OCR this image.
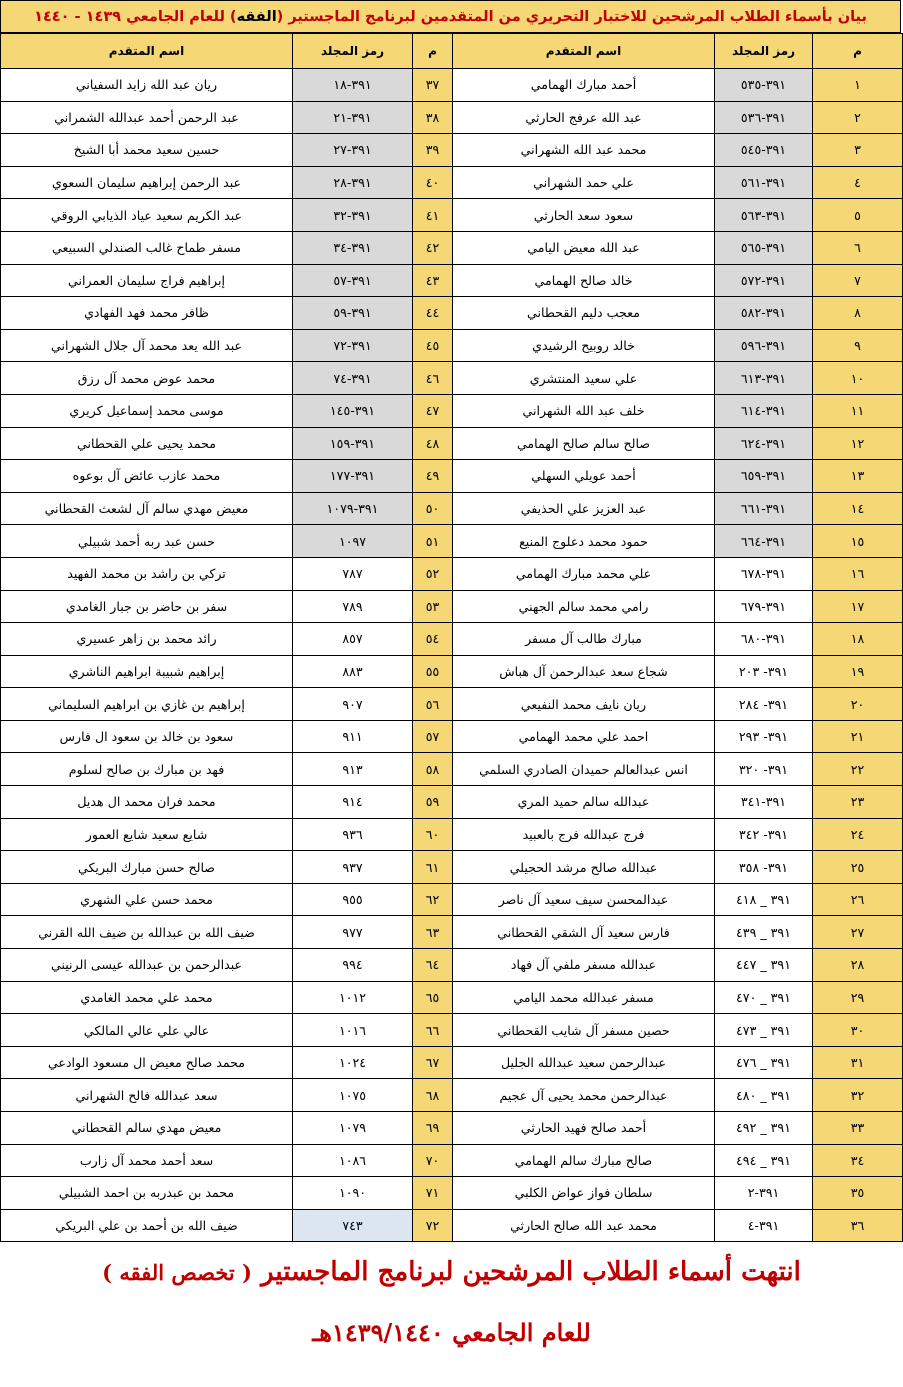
بيان بأسماء الطلاب المرشحين للاختبار التحريري من المتقدمين لبرنامج الماجستير (
الفقه
) للعام الجامعي ١٤٣٩ - ١٤٤٠
م	رمز المجلد	اسم المتقدم
١	٣٩١-٥٣٥	أحمد مبارك الهمامي
٢	٣٩١-٥٣٦	عبد الله عرفج الحارثي
٣	٣٩١-٥٤٥	محمد عبد الله الشهراني
٤	٣٩١-٥٦١	علي حمد الشهراني
٥	٣٩١-٥٦٣	سعود سعد الحارثي
٦	٣٩١-٥٦٥	عبد الله معيض اليامي
٧	٣٩١-٥٧٢	خالد صالح الهمامي
٨	٣٩١-٥٨٢	معجب دليم القحطاني
٩	٣٩١-٥٩٦	خالد روبيح الرشيدي
١٠	٣٩١-٦١٣	علي سعيد المنتشري
١١	٣٩١-٦١٤	خلف عبد الله الشهراني
١٢	٣٩١-٦٢٤	صالح سالم صالح الهمامي
١٣	٣٩١-٦٥٩	أحمد عويلي السهلي
١٤	٣٩١-٦٦١	عبد العزيز علي الحذيفي
١٥	٣٩١-٦٦٤	حمود محمد دعلوج المنيع
١٦	٣٩١-٦٧٨	علي محمد مبارك الهمامي
١٧	٣٩١-٦٧٩	رامي محمد سالم الجهني
١٨	٣٩١-٦٨٠	مبارك طالب آل مسفر
١٩	٣٩١- ٢٠٣	شجاع سعد عبدالرحمن آل هباش
٢٠	٣٩١- ٢٨٤	ريان نايف محمد النفيعي
٢١	٣٩١- ٢٩٣	احمد علي محمد الهمامي
٢٢	٣٩١- ٣٢٠	انس عبدالعالم حميدان الصادري السلمي
٢٣	٣٩١-٣٤١	عبدالله سالم حميد المري
٢٤	٣٩١- ٣٤٢	فرج عبدالله فرج بالعبيد
٢٥	٣٩١- ٣٥٨	عبدالله صالح مرشد الحجيلي
٢٦	٣٩١ _ ٤١٨	عبدالمحسن سيف سعيد آل ناصر
٢٧	٣٩١ _ ٤٣٩	فارس سعيد آل الشقي القحطاني
٢٨	٣٩١ _ ٤٤٧	عبدالله مسفر ملفي آل فهاد
٢٩	٣٩١ _ ٤٧٠	مسفر عبدالله محمد اليامي
٣٠	٣٩١ _ ٤٧٣	حصين مسفر آل شايب القحطاني
٣١	٣٩١ _ ٤٧٦	عبدالرحمن سعيد عبدالله الجليل
٣٢	٣٩١ _ ٤٨٠	عبدالرحمن محمد يحيى آل عجيم
٣٣	٣٩١ _ ٤٩٢	أحمد صالح فهيد الحارثي
٣٤	٣٩١ _ ٤٩٤	صالح مبارك سالم الهمامي
٣٥	٣٩١-٢	سلطان فواز عواض الكلبي
٣٦	٣٩١-٤	محمد عبد الله صالح الحارثي
م	رمز المجلد	اسم المتقدم
٣٧	٣٩١-١٨	ريان عبد الله زايد السفياني
٣٨	٣٩١-٢١	عبد الرحمن أحمد عبدالله الشمراني
٣٩	٣٩١-٢٧	حسين سعيد محمد أبا الشيخ
٤٠	٣٩١-٢٨	عبد الرحمن إبراهيم سليمان السعوي
٤١	٣٩١-٣٢	عبد الكريم سعيد عياد الذيابي الروقي
٤٢	٣٩١-٣٤	مسفر طماح غالب الصندلي السبيعي
٤٣	٣٩١-٥٧	إبراهيم فراج سليمان العمراني
٤٤	٣٩١-٥٩	ظافر محمد فهد الفهادي
٤٥	٣٩١-٧٢	عبد الله يعد محمد آل جلال الشهراني
٤٦	٣٩١-٧٤	محمد عوض محمد آل رزق
٤٧	٣٩١-١٤٥	موسى محمد إسماعيل كريري
٤٨	٣٩١-١٥٩	محمد يحيى علي القحطاني
٤٩	٣٩١-١٧٧	محمد عازب عائض آل بوعوه
٥٠	٣٩١-١٠٧٩	معيض مهدي سالم آل لشعث القحطاني
٥١	١٠٩٧	حسن عبد ربه أحمد شبيلي
٥٢	٧٨٧	تركي بن راشد بن محمد الفهيد
٥٣	٧٨٩	سفر بن حاضر بن جبار الغامدي
٥٤	٨٥٧	رائد محمد بن زاهر عسيري
٥٥	٨٨٣	إبراهيم شبيبة ابراهيم الناشري
٥٦	٩٠٧	إبراهيم بن غازي بن ابراهيم السليماني
٥٧	٩١١	سعود بن خالد بن سعود ال فارس
٥٨	٩١٣	فهد بن مبارك بن صالح لسلوم
٥٩	٩١٤	محمد فران محمد ال هديل
٦٠	٩٣٦	شايع سعيد شايع العمور
٦١	٩٣٧	صالح حسن مبارك البريكي
٦٢	٩٥٥	محمد حسن علي الشهري
٦٣	٩٧٧	ضيف الله بن عبدالله بن ضيف الله القرني
٦٤	٩٩٤	عبدالرحمن بن عبدالله عيسى الرنيني
٦٥	١٠١٢	محمد علي محمد الغامدي
٦٦	١٠١٦	عالي علي عالي المالكي
٦٧	١٠٢٤	محمد صالح معيض ال مسعود الوادعي
٦٨	١٠٧٥	سعد عبدالله فالح الشهراني
٦٩	١٠٧٩	معيض مهدي سالم القحطاني
٧٠	١٠٨٦	سعد أحمد محمد آل زارب
٧١	١٠٩٠	محمد بن عبدربه بن احمد الشبيلي
٧٢	٧٤٣	ضيف الله بن أحمد بن علي البريكي
انتهت أسماء الطلاب المرشحين لبرنامج الماجستير ( تخصص الفقه )
للعام الجامعي ١٤٣٩/١٤٤٠هـ
